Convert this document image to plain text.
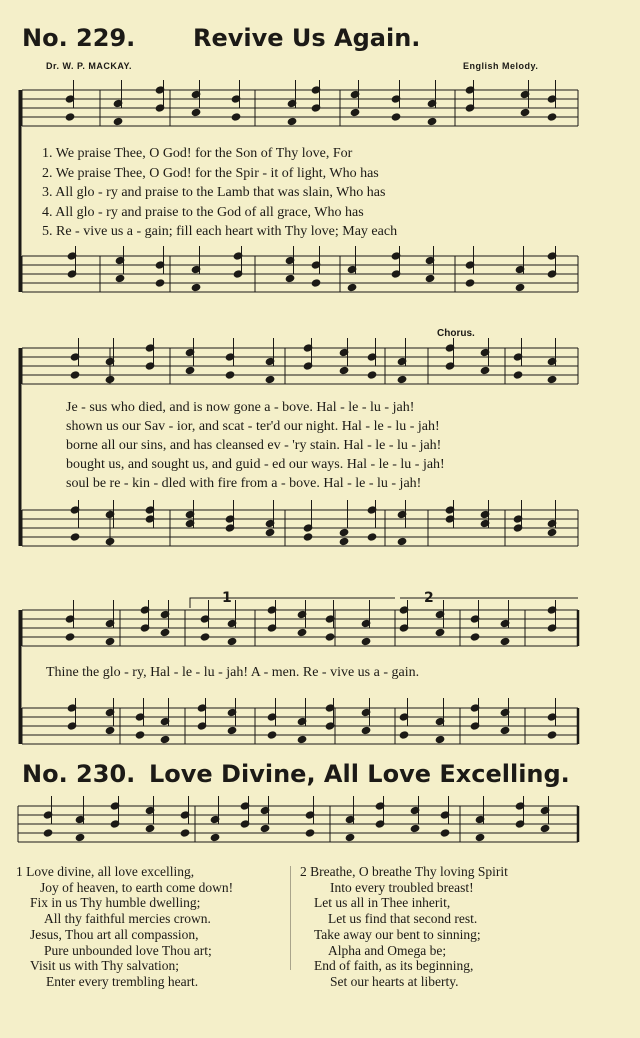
No. 229. Revive Us Again.
Dr. W. P. MACKAY.	English Melody.
1. We praise Thee, O God! for the Son of Thy love, For
2. We praise Thee, O God! for the Spir - it of light, Who has
3. All glo - ry and praise to the Lamb that was slain, Who has
4. All glo - ry and praise to the God of all grace, Who has
5. Re - vive us a - gain; fill each heart with Thy love; May each
Chorus.
Je - sus who died, and is now gone a - bove. Hal - le - lu - jah!
shown us our Sav - ior, and scat - ter'd our night. Hal - le - lu - jah!
borne all our sins, and has cleansed ev - 'ry stain. Hal - le - lu - jah!
bought us, and sought us, and guid - ed our ways. Hal - le - lu - jah!
soul be re - kin - dled with fire from a - bove. Hal - le - lu - jah!
1	2
Thine the glo - ry, Hal - le - lu - jah! A - men. Re - vive us a - gain.
No. 230. Love Divine, All Love Excelling.
1 Love divine, all love excelling,
Joy of heaven, to earth come down!
Fix in us Thy humble dwelling;
All thy faithful mercies crown.
Jesus, Thou art all compassion,
Pure unbounded love Thou art;
Visit us with Thy salvation;
Enter every trembling heart.
2 Breathe, O breathe Thy loving Spirit
Into every troubled breast!
Let us all in Thee inherit,
Let us find that second rest.
Take away our bent to sinning;
Alpha and Omega be;
End of faith, as its beginning,
Set our hearts at liberty.
